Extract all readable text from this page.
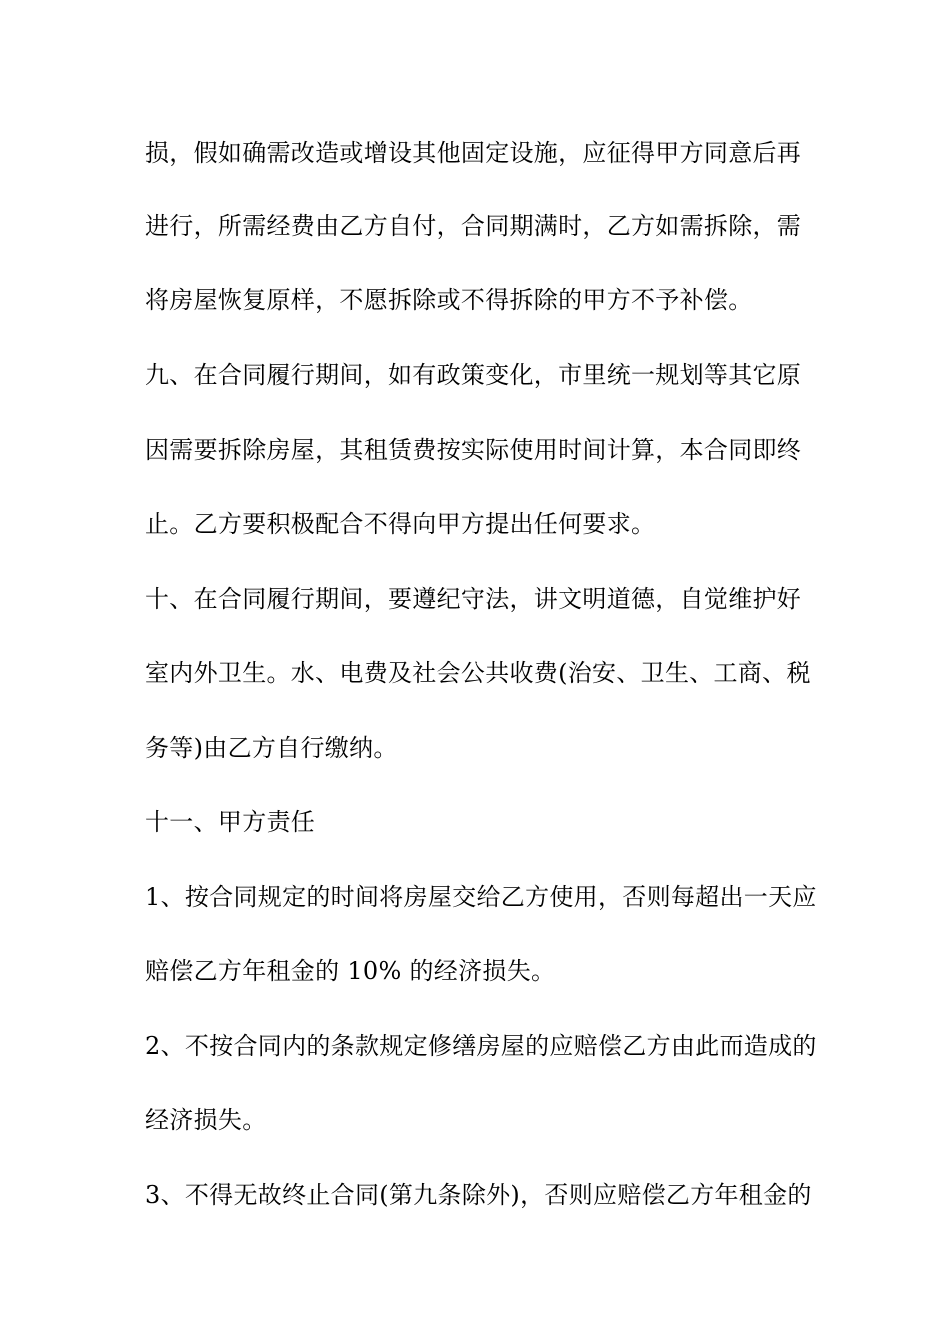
损，假如确需改造或增设其他固定设施，应征得甲方同意后再
进行，所需经费由乙方自付，合同期满时，乙方如需拆除，需
将房屋恢复原样，不愿拆除或不得拆除的甲方不予补偿。
九、在合同履行期间，如有政策变化，市里统一规划等其它原
因需要拆除房屋，其租赁费按实际使用时间计算，本合同即终
止。乙方要积极配合不得向甲方提出任何要求。
十、在合同履行期间，要遵纪守法，讲文明道德，自觉维护好
室内外卫生。水、电费及社会公共收费(治安、卫生、工商、税
务等)由乙方自行缴纳。
十一、甲方责任
1、按合同规定的时间将房屋交给乙方使用，否则每超出一天应
赔偿乙方年租金的 10% 的经济损失。
2、不按合同内的条款规定修缮房屋的应赔偿乙方由此而造成的
经济损失。
3、不得无故终止合同(第九条除外)，否则应赔偿乙方年租金的
